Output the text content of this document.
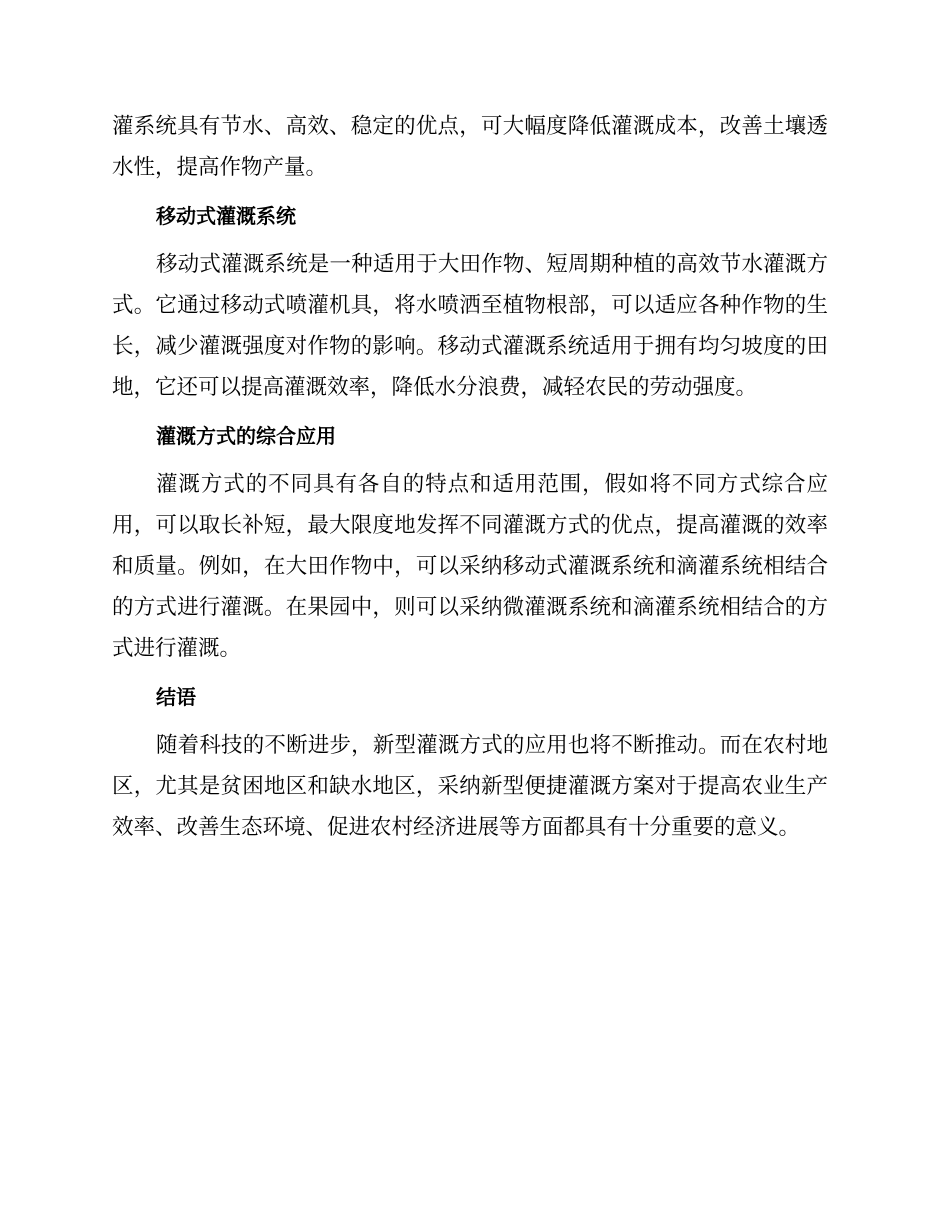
灌系统具有节水、高效、稳定的优点，可大幅度降低灌溉成本，改善土壤透水性，提高作物产量。

移动式灌溉系统

移动式灌溉系统是一种适用于大田作物、短周期种植的高效节水灌溉方式。它通过移动式喷灌机具，将水喷洒至植物根部，可以适应各种作物的生长，减少灌溉强度对作物的影响。移动式灌溉系统适用于拥有均匀坡度的田地，它还可以提高灌溉效率，降低水分浪费，减轻农民的劳动强度。

灌溉方式的综合应用

灌溉方式的不同具有各自的特点和适用范围，假如将不同方式综合应用，可以取长补短，最大限度地发挥不同灌溉方式的优点，提高灌溉的效率和质量。例如，在大田作物中，可以采纳移动式灌溉系统和滴灌系统相结合的方式进行灌溉。在果园中，则可以采纳微灌溉系统和滴灌系统相结合的方式进行灌溉。

结语

随着科技的不断进步，新型灌溉方式的应用也将不断推动。而在农村地区，尤其是贫困地区和缺水地区，采纳新型便捷灌溉方案对于提高农业生产效率、改善生态环境、促进农村经济进展等方面都具有十分重要的意义。
